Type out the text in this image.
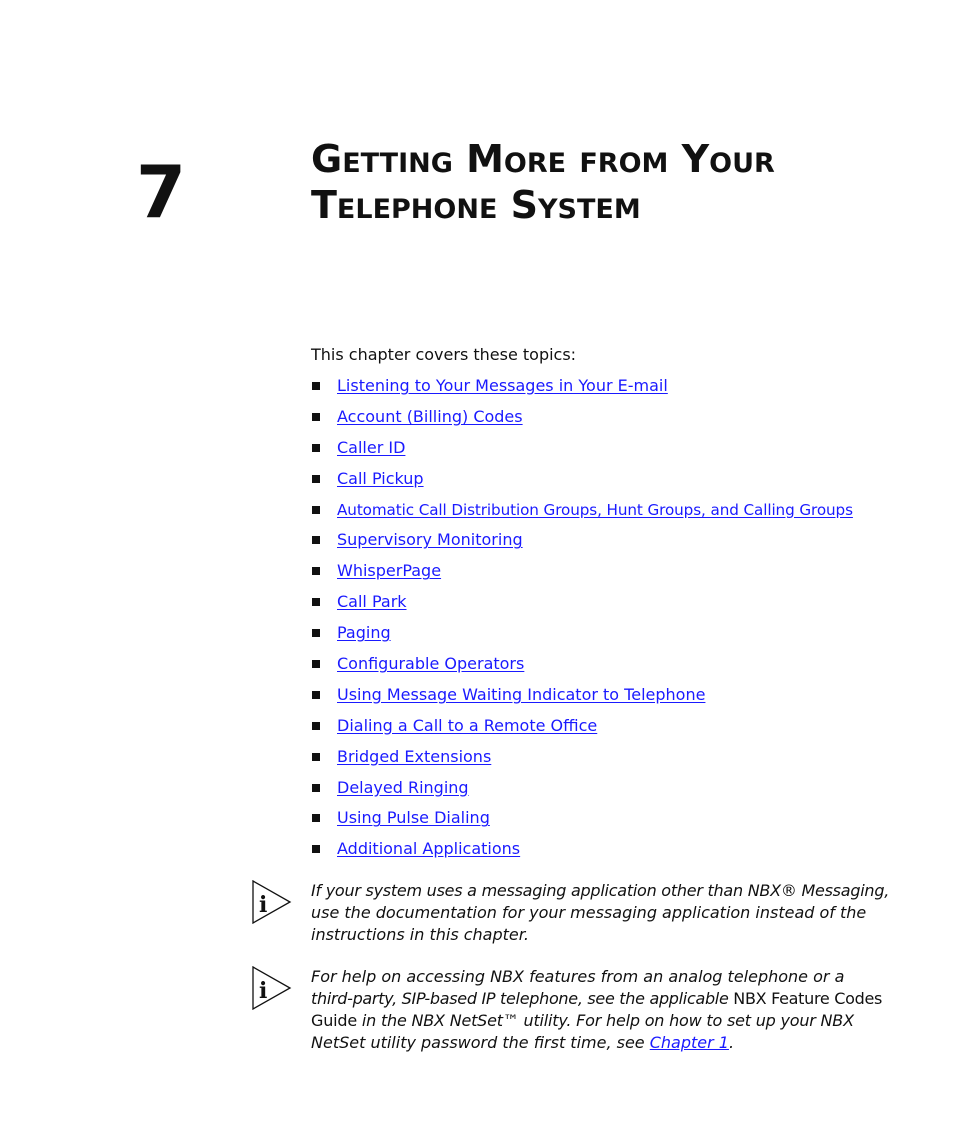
7	Getting More from Your
Telephone System

This chapter covers these topics:

Listening to Your Messages in Your E-mail
Account (Billing) Codes
Caller ID
Call Pickup
Automatic Call Distribution Groups, Hunt Groups, and Calling Groups
Supervisory Monitoring
WhisperPage
Call Park
Paging
Configurable Operators
Using Message Waiting Indicator to Telephone
Dialing a Call to a Remote Office
Bridged Extensions
Delayed Ringing
Using Pulse Dialing
Additional Applications
i

If your system uses a messaging application other than NBX® Messaging,

use the documentation for your messaging application instead of the

instructions in this chapter.

i

For help on accessing NBX features from an analog telephone or a

third-party, SIP-based IP telephone, see the applicable NBX Feature Codes

Guide in the NBX NetSet™ utility. For help on how to set up your NBX

NetSet utility password the first time, see Chapter 1.
